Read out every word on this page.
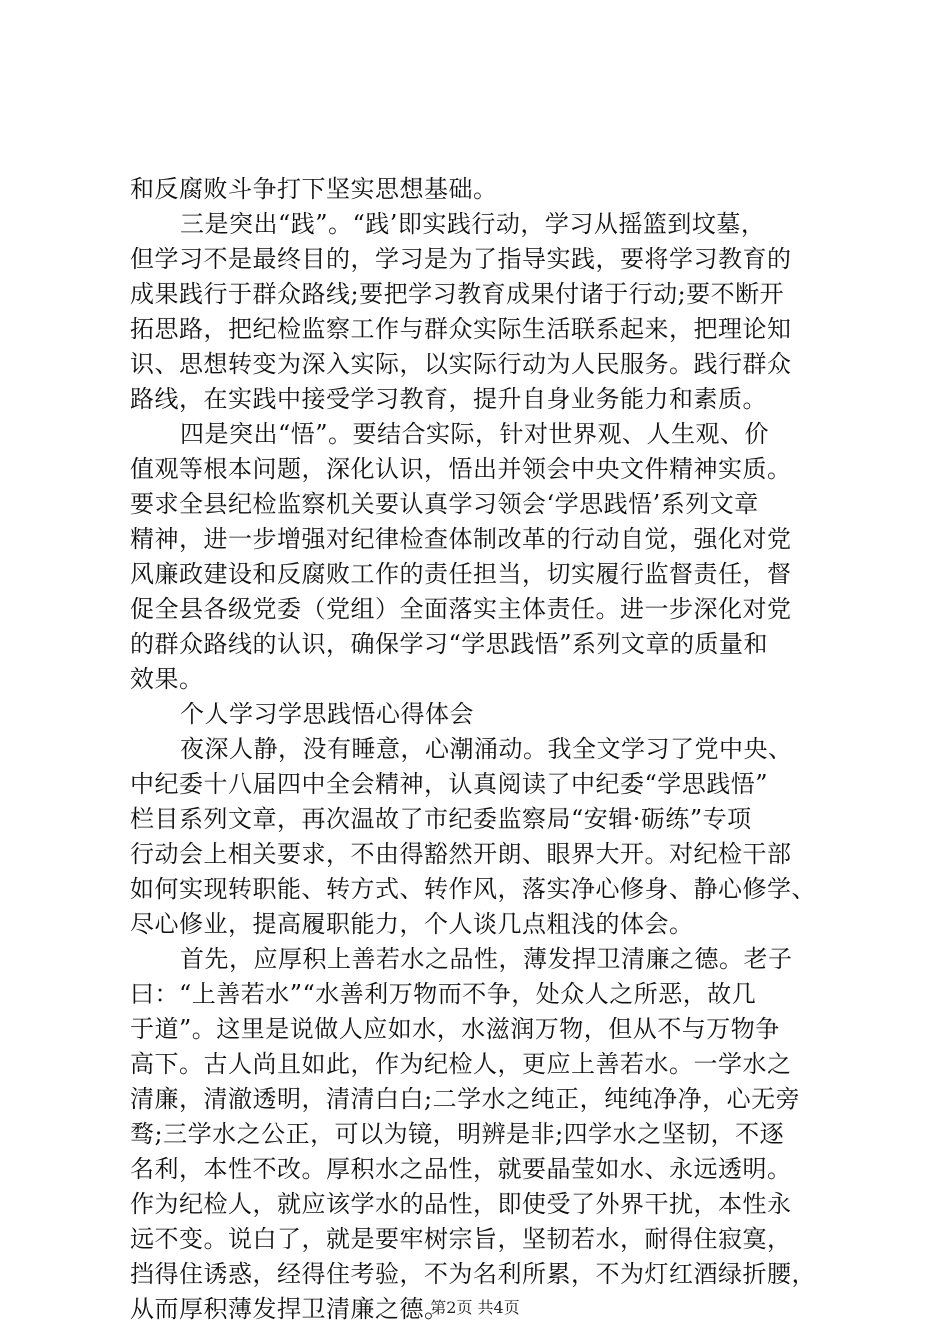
和反腐败斗争打下坚实思想基础。
三是突出“践”。“践’即实践行动，学习从摇篮到坟墓，
但学习不是最终目的，学习是为了指导实践，要将学习教育的
成果践行于群众路线;要把学习教育成果付诸于行动;要不断开
拓思路，把纪检监察工作与群众实际生活联系起来，把理论知
识、思想转变为深入实际，以实际行动为人民服务。践行群众
路线，在实践中接受学习教育，提升自身业务能力和素质。
四是突出“悟”。要结合实际，针对世界观、人生观、价
值观等根本问题，深化认识，悟出并领会中央文件精神实质。
要求全县纪检监察机关要认真学习领会‘学思践悟’系列文章
精神，进一步增强对纪律检查体制改革的行动自觉，强化对党
风廉政建设和反腐败工作的责任担当，切实履行监督责任，督
促全县各级党委（党组）全面落实主体责任。进一步深化对党
的群众路线的认识，确保学习“学思践悟”系列文章的质量和
效果。
个人学习学思践悟心得体会
夜深人静，没有睡意，心潮涌动。我全文学习了党中央、
中纪委十八届四中全会精神，认真阅读了中纪委“学思践悟”
栏目系列文章，再次温故了市纪委监察局“安辑·砺练”专项
行动会上相关要求，不由得豁然开朗、眼界大开。对纪检干部
如何实现转职能、转方式、转作风，落实净心修身、静心修学、
尽心修业，提高履职能力，个人谈几点粗浅的体会。
首先，应厚积上善若水之品性，薄发捍卫清廉之德。老子
曰：“上善若水”“水善利万物而不争，处众人之所恶，故几
于道”。这里是说做人应如水，水滋润万物，但从不与万物争
高下。古人尚且如此，作为纪检人，更应上善若水。一学水之
清廉，清澈透明，清清白白;二学水之纯正，纯纯净净，心无旁
骛;三学水之公正，可以为镜，明辨是非;四学水之坚韧，不逐
名利，本性不改。厚积水之品性，就要晶莹如水、永远透明。
作为纪检人，就应该学水的品性，即使受了外界干扰，本性永
远不变。说白了，就是要牢树宗旨，坚韧若水，耐得住寂寞，
挡得住诱惑，经得住考验，不为名利所累，不为灯红酒绿折腰，
从而厚积薄发捍卫清廉之德。
第2页 共4页
